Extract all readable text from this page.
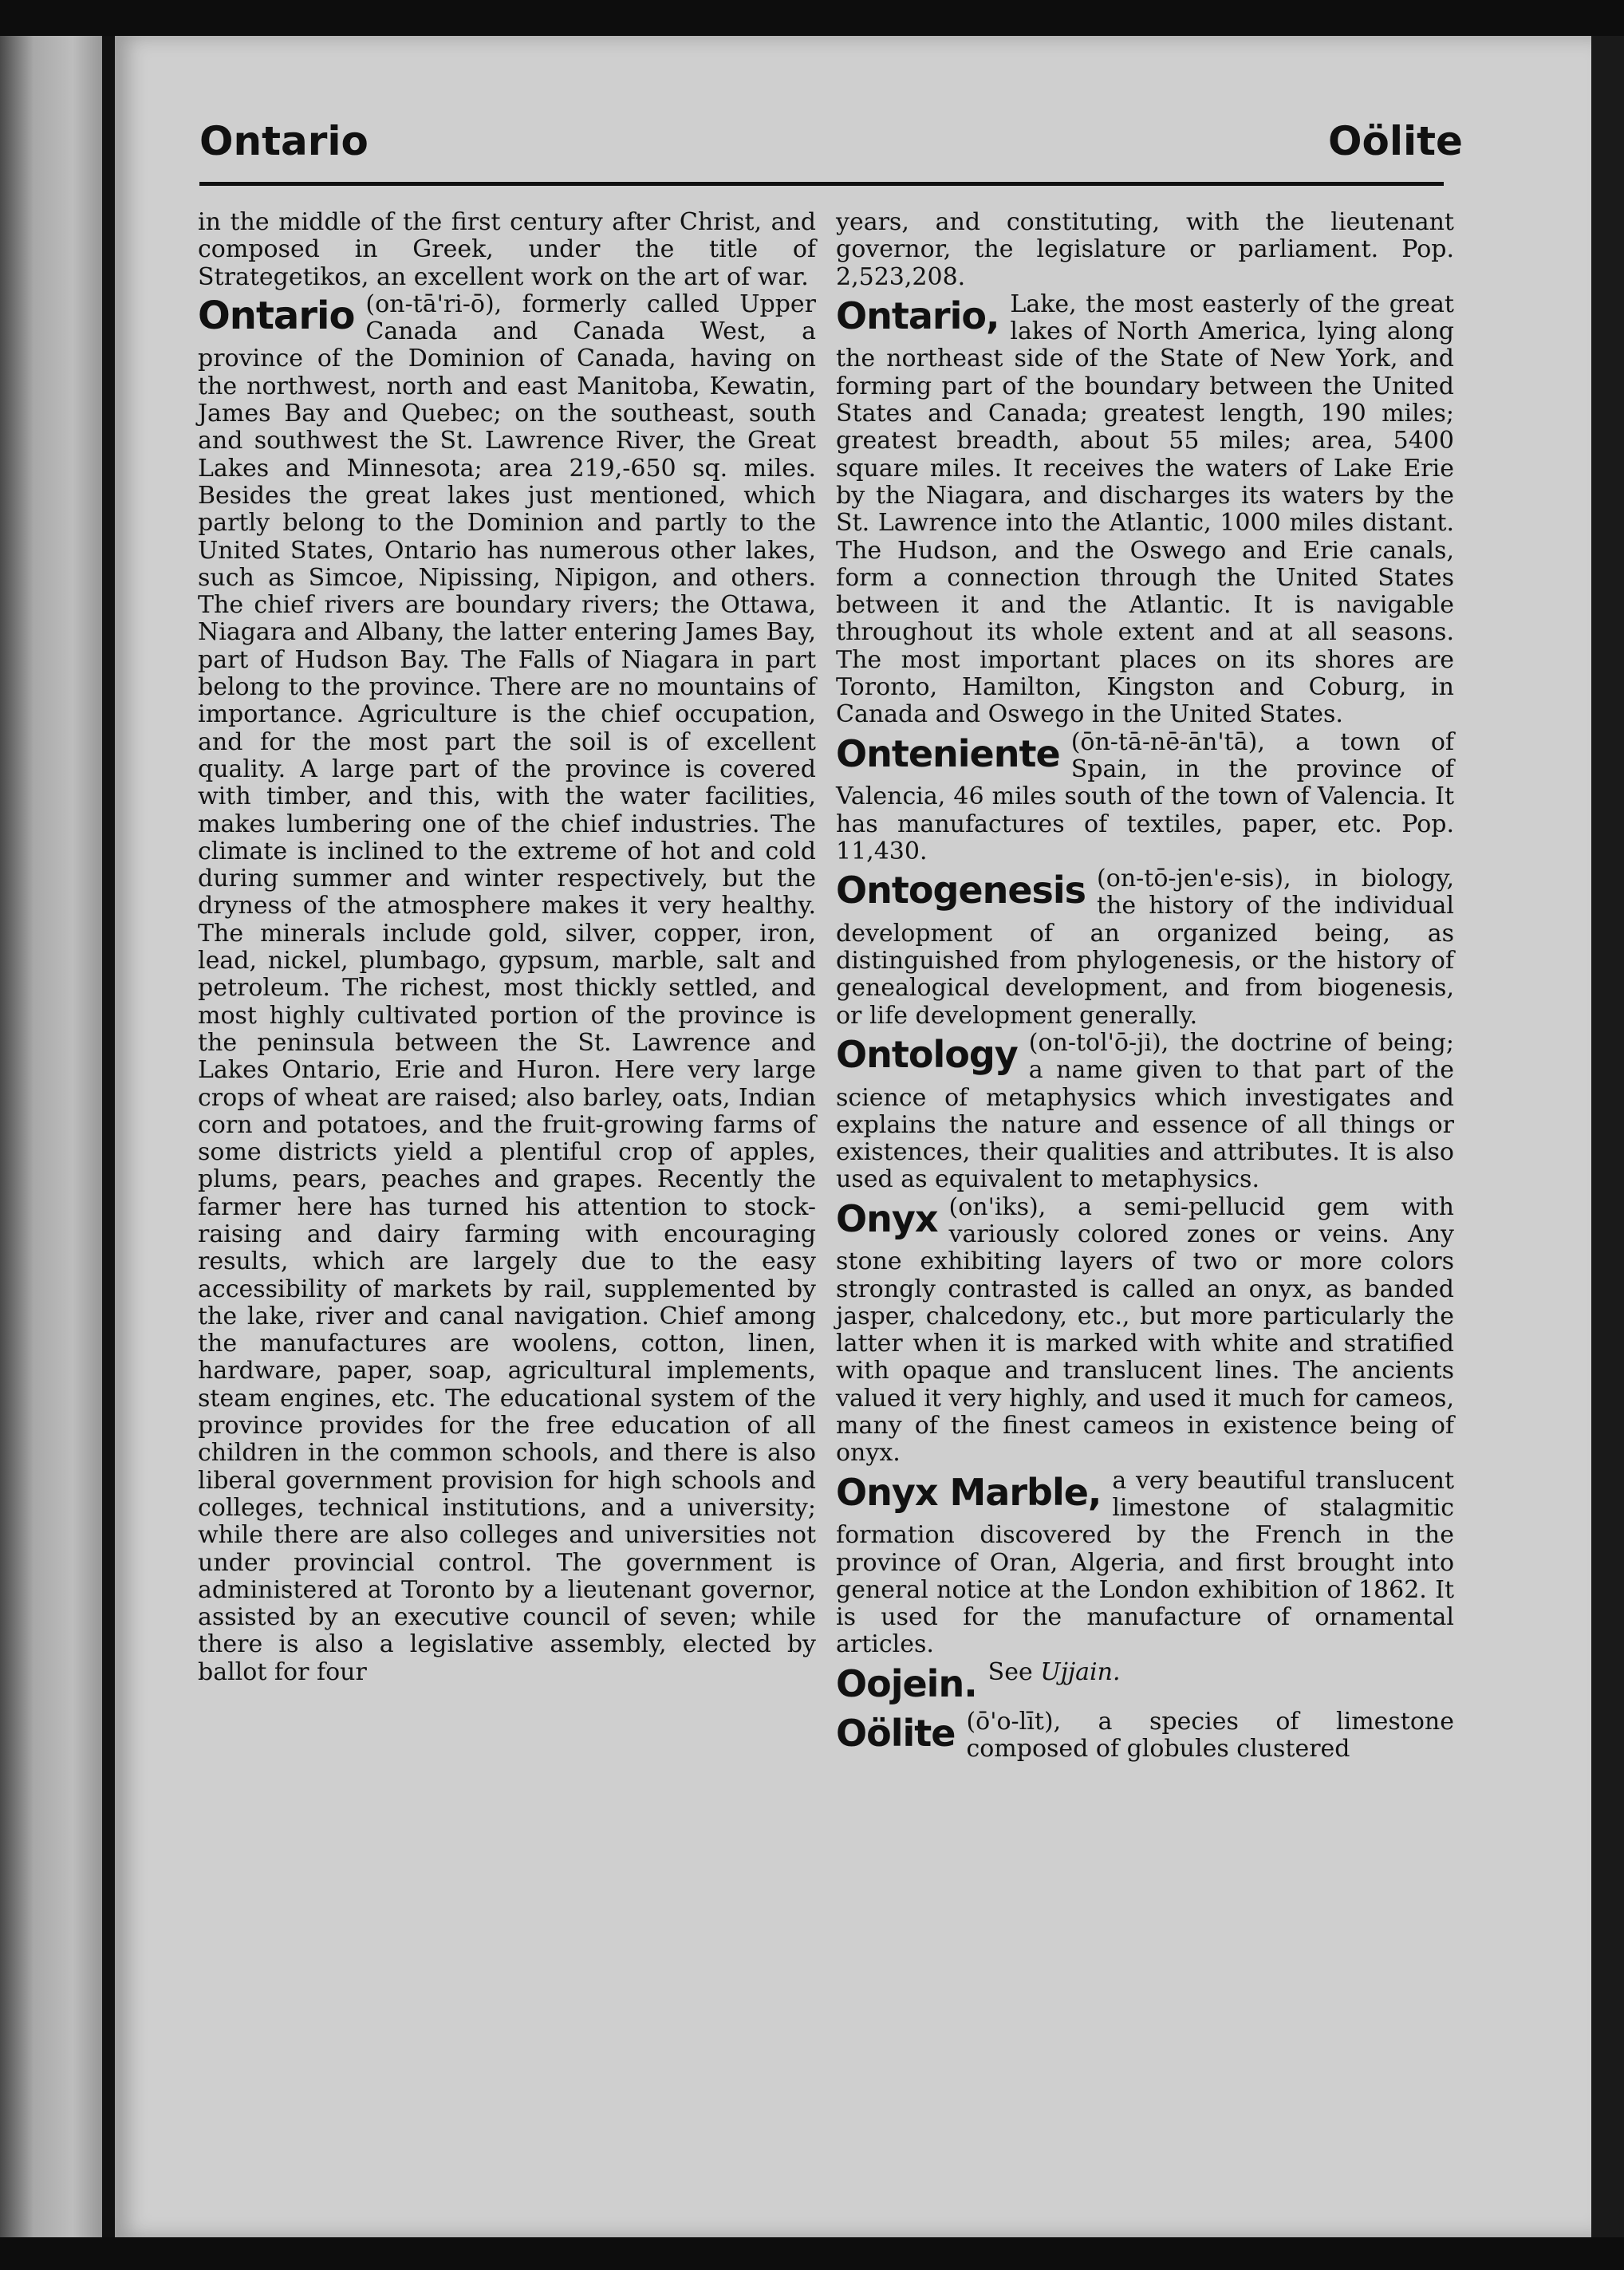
Ontario	Oölite

in the middle of the first century after Christ, and composed in Greek, under the title of Strategetikos, an excellent work on the art of war.

Ontario (on-tā'ri-ō), formerly called Upper Canada and Canada West, a province of the Dominion of Canada, having on the northwest, north and east Manitoba, Kewatin, James Bay and Quebec; on the southeast, south and southwest the St. Lawrence River, the Great Lakes and Minnesota; area 219,-650 sq. miles. Besides the great lakes just mentioned, which partly belong to the Dominion and partly to the United States, Ontario has numerous other lakes, such as Simcoe, Nipissing, Nipigon, and others. The chief rivers are boundary rivers; the Ottawa, Niagara and Albany, the latter entering James Bay, part of Hudson Bay. The Falls of Niagara in part belong to the province. There are no mountains of importance. Agriculture is the chief occupation, and for the most part the soil is of excellent quality. A large part of the province is covered with timber, and this, with the water facilities, makes lumbering one of the chief industries. The climate is inclined to the extreme of hot and cold during summer and winter respectively, but the dryness of the atmosphere makes it very healthy. The minerals include gold, silver, copper, iron, lead, nickel, plumbago, gypsum, marble, salt and petroleum. The richest, most thickly settled, and most highly cultivated portion of the province is the peninsula between the St. Lawrence and Lakes Ontario, Erie and Huron. Here very large crops of wheat are raised; also barley, oats, Indian corn and potatoes, and the fruit-growing farms of some districts yield a plentiful crop of apples, plums, pears, peaches and grapes. Recently the farmer here has turned his attention to stock-raising and dairy farming with encouraging results, which are largely due to the easy accessibility of markets by rail, supplemented by the lake, river and canal navigation. Chief among the manufactures are woolens, cotton, linen, hardware, paper, soap, agricultural implements, steam engines, etc. The educational system of the province provides for the free education of all children in the common schools, and there is also liberal government provision for high schools and colleges, technical institutions, and a university; while there are also colleges and universities not under provincial control. The government is administered at Toronto by a lieutenant governor, assisted by an executive council of seven; while there is also a legislative assembly, elected by ballot for four

years, and constituting, with the lieutenant governor, the legislature or parliament. Pop. 2,523,208.

Ontario, Lake, the most easterly of the great lakes of North America, lying along the northeast side of the State of New York, and forming part of the boundary between the United States and Canada; greatest length, 190 miles; greatest breadth, about 55 miles; area, 5400 square miles. It receives the waters of Lake Erie by the Niagara, and discharges its waters by the St. Lawrence into the Atlantic, 1000 miles distant. The Hudson, and the Oswego and Erie canals, form a connection through the United States between it and the Atlantic. It is navigable throughout its whole extent and at all seasons. The most important places on its shores are Toronto, Hamilton, Kingston and Coburg, in Canada and Oswego in the United States.
Onteniente (ōn-tā-nē-ān'tā), a town of Spain, in the province of Valencia, 46 miles south of the town of Valencia. It has manufactures of textiles, paper, etc. Pop. 11,430.
Ontogenesis (on-tō-jen'e-sis), in biology, the history of the individual development of an organized being, as distinguished from phylogenesis, or the history of genealogical development, and from biogenesis, or life development generally.
Ontology (on-tol'ō-ji), the doctrine of being; a name given to that part of the science of metaphysics which investigates and explains the nature and essence of all things or existences, their qualities and attributes. It is also used as equivalent to metaphysics.
Onyx (on'iks), a semi-pellucid gem with variously colored zones or veins. Any stone exhibiting layers of two or more colors strongly contrasted is called an onyx, as banded jasper, chalcedony, etc., but more particularly the latter when it is marked with white and stratified with opaque and translucent lines. The ancients valued it very highly, and used it much for cameos, many of the finest cameos in existence being of onyx.
Onyx Marble, a very beautiful translucent limestone of stalagmitic formation discovered by the French in the province of Oran, Algeria, and first brought into general notice at the London exhibition of 1862. It is used for the manufacture of ornamental articles.
Oojein. See Ujjain.
Oölite (ō'o-līt), a species of limestone composed of globules clustered
